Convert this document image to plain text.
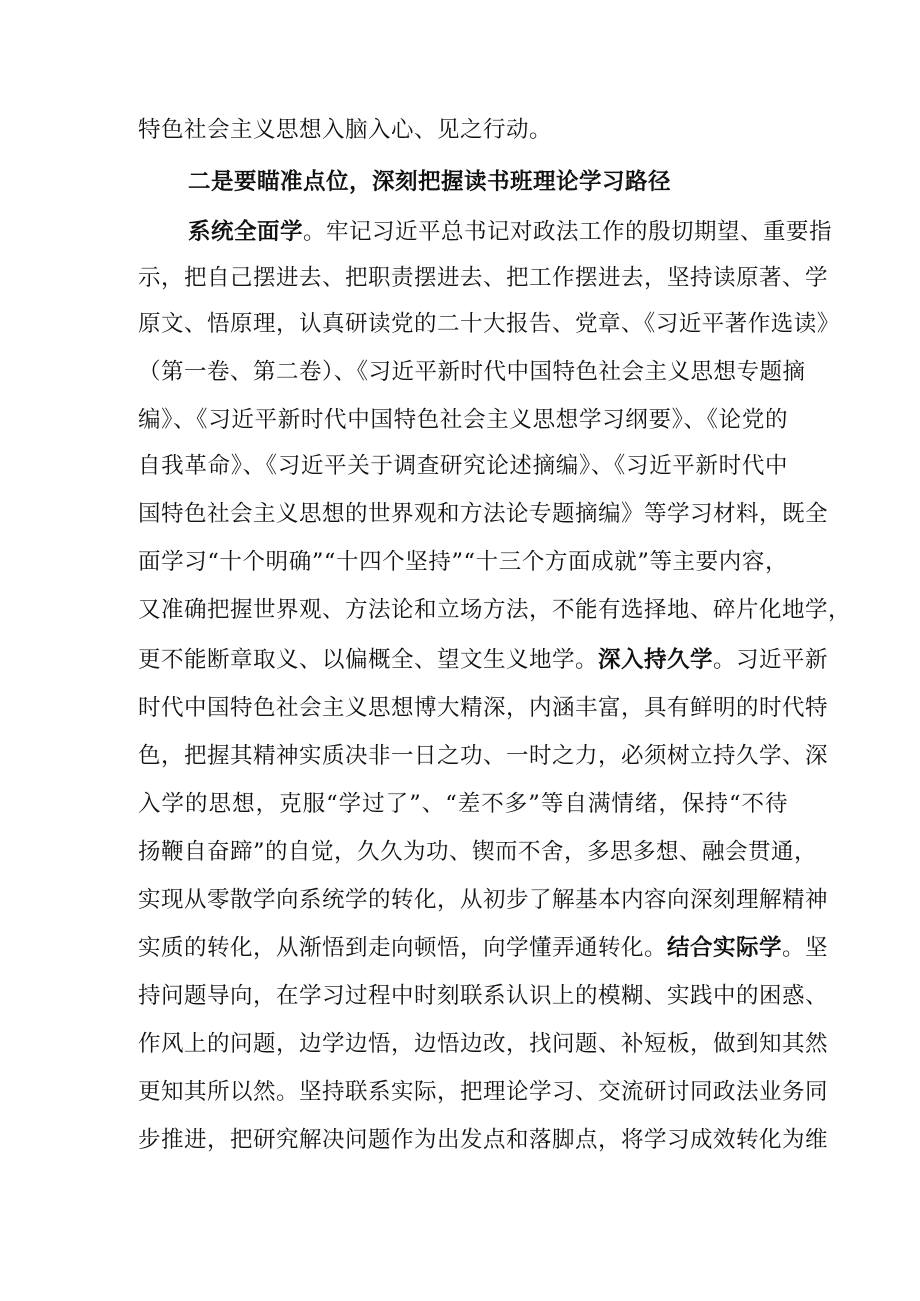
特色社会主义思想入脑入心、见之行动。
二是要瞄准点位，深刻把握读书班理论学习路径
系统全面学。牢记习近平总书记对政法工作的殷切期望、重要指
示，把自己摆进去、把职责摆进去、把工作摆进去，坚持读原著、学
原文、悟原理，认真研读党的二十大报告、党章、《习近平著作选读》
（第一卷、第二卷）、《习近平新时代中国特色社会主义思想专题摘
编》、《习近平新时代中国特色社会主义思想学习纲要》、《论党的
自我革命》、《习近平关于调查研究论述摘编》、《习近平新时代中
国特色社会主义思想的世界观和方法论专题摘编》等学习材料，既全
面学习“十个明确”“十四个坚持”“十三个方面成就”等主要内容，
又准确把握世界观、方法论和立场方法，不能有选择地、碎片化地学，
更不能断章取义、以偏概全、望文生义地学。深入持久学。习近平新
时代中国特色社会主义思想博大精深，内涵丰富，具有鲜明的时代特
色，把握其精神实质决非一日之功、一时之力，必须树立持久学、深
入学的思想，克服“学过了”、“差不多”等自满情绪，保持“不待
扬鞭自奋蹄”的自觉，久久为功、锲而不舍，多思多想、融会贯通，
实现从零散学向系统学的转化，从初步了解基本内容向深刻理解精神
实质的转化，从渐悟到走向顿悟，向学懂弄通转化。结合实际学。坚
持问题导向，在学习过程中时刻联系认识上的模糊、实践中的困惑、
作风上的问题，边学边悟，边悟边改，找问题、补短板，做到知其然
更知其所以然。坚持联系实际，把理论学习、交流研讨同政法业务同
步推进，把研究解决问题作为出发点和落脚点，将学习成效转化为维
